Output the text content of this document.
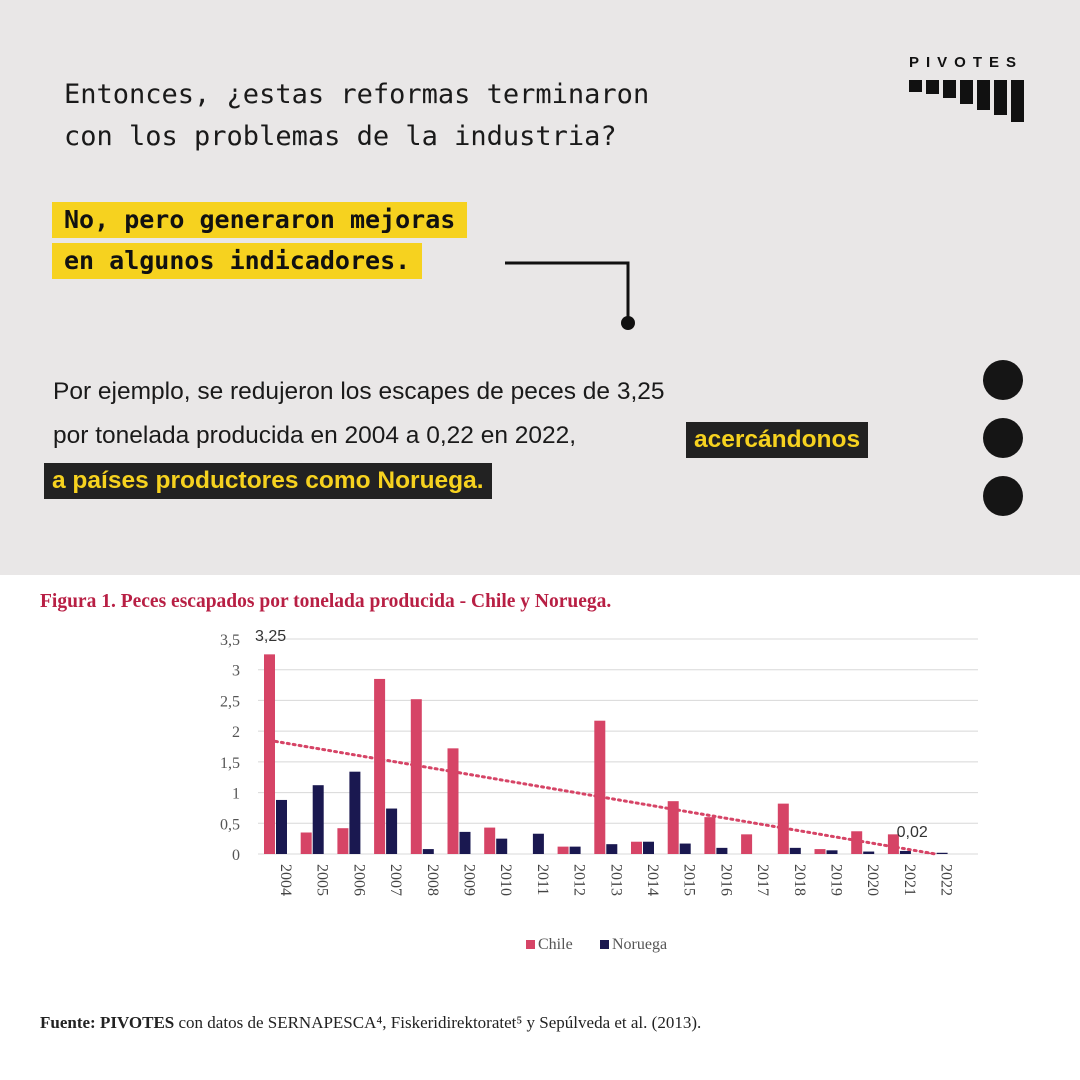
Entonces, ¿estas reformas terminaron
con los problemas de la industria?
PIVOTES
No, pero generaron mejoras
en algunos indicadores.
Por ejemplo, se redujeron los escapes de peces de 3,25
por tonelada producida en 2004 a 0,22 en 2022,	acercándonos
a países productores como Noruega.
Figura 1. Peces escapados por tonelada producida - Chile y Noruega.
3,5
3
2,5
2
1,5
1
0,5
0
2004 2005 2006 2007 2008 2009 2010 2011 2012 2013 2014 2015 2016 2017 2018 2019 2020 2021 2022
3,25
0,02
Chile Noruega
Fuente: PIVOTES con datos de SERNAPESCA⁴, Fiskeridirektoratet⁵ y Sepúlveda et al. (2013).
